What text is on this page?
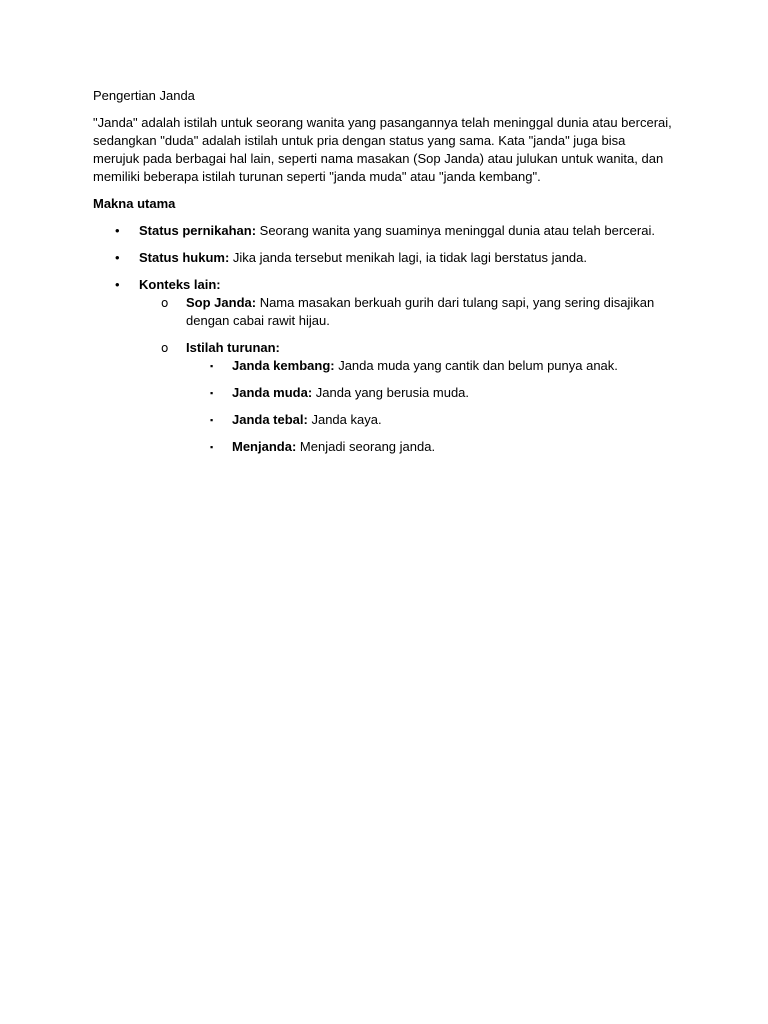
Pengertian Janda

"Janda" adalah istilah untuk seorang wanita yang pasangannya telah meninggal dunia atau bercerai, sedangkan "duda" adalah istilah untuk pria dengan status yang sama. Kata "janda" juga bisa merujuk pada berbagai hal lain, seperti nama masakan (Sop Janda) atau julukan untuk wanita, dan memiliki beberapa istilah turunan seperti "janda muda" atau "janda kembang".

Makna utama

• Status pernikahan: Seorang wanita yang suaminya meninggal dunia atau telah bercerai.
• Status hukum: Jika janda tersebut menikah lagi, ia tidak lagi berstatus janda.
• Konteks lain:
o Sop Janda: Nama masakan berkuah gurih dari tulang sapi, yang sering disajikan dengan cabai rawit hijau.
o Istilah turunan:
▪ Janda kembang: Janda muda yang cantik dan belum punya anak.
▪ Janda muda: Janda yang berusia muda.
▪ Janda tebal: Janda kaya.
▪ Menjanda: Menjadi seorang janda.
